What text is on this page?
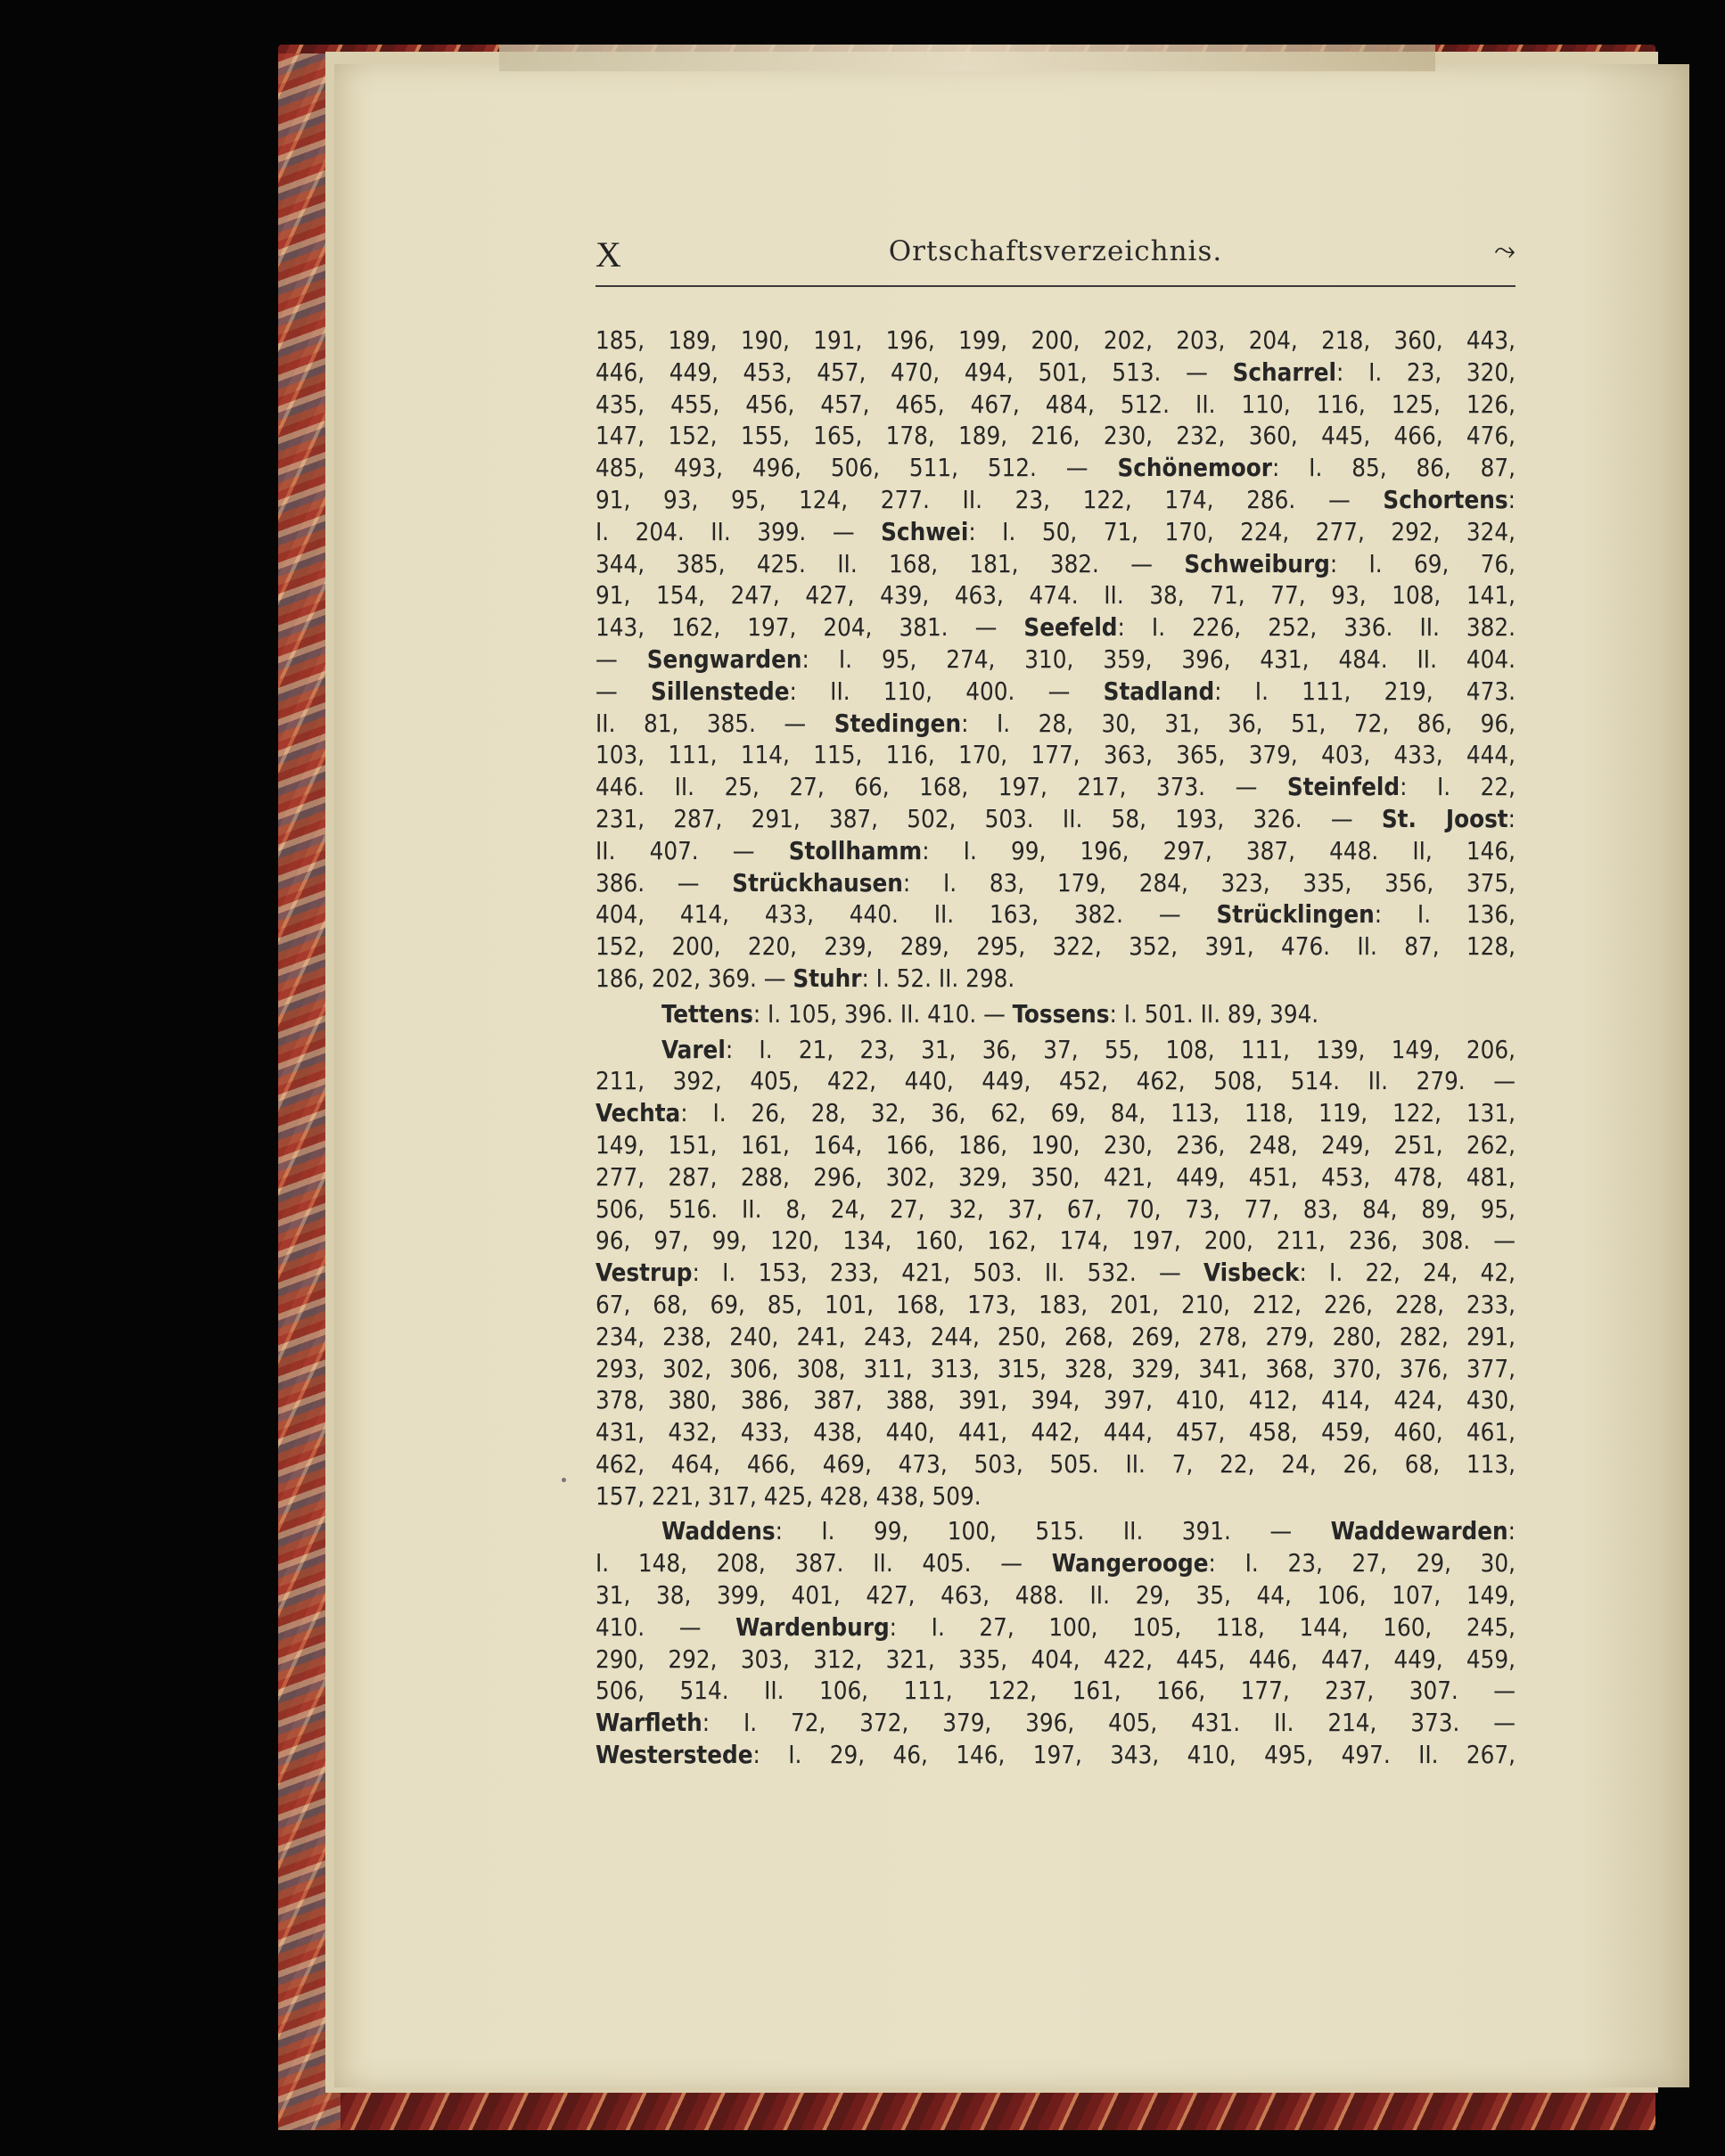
X	Ortschaftsverzeichnis.	⤳
185, 189, 190, 191, 196, 199, 200, 202, 203, 204, 218, 360, 443,
446, 449, 453, 457, 470, 494, 501, 513. — Scharrel: I. 23, 320,
435, 455, 456, 457, 465, 467, 484, 512. II. 110, 116, 125, 126,
147, 152, 155, 165, 178, 189, 216, 230, 232, 360, 445, 466, 476,
485, 493, 496, 506, 511, 512. — Schönemoor: I. 85, 86, 87,
91, 93, 95, 124, 277. II. 23, 122, 174, 286. — Schortens:
I. 204. II. 399. — Schwei: I. 50, 71, 170, 224, 277, 292, 324,
344, 385, 425. II. 168, 181, 382. — Schweiburg: I. 69, 76,
91, 154, 247, 427, 439, 463, 474. II. 38, 71, 77, 93, 108, 141,
143, 162, 197, 204, 381. — Seefeld: I. 226, 252, 336. II. 382.
— Sengwarden: I. 95, 274, 310, 359, 396, 431, 484. II. 404.
— Sillenstede: II. 110, 400. — Stadland: I. 111, 219, 473.
II. 81, 385. — Stedingen: I. 28, 30, 31, 36, 51, 72, 86, 96,
103, 111, 114, 115, 116, 170, 177, 363, 365, 379, 403, 433, 444,
446. II. 25, 27, 66, 168, 197, 217, 373. — Steinfeld: I. 22,
231, 287, 291, 387, 502, 503. II. 58, 193, 326. — St. Joost:
II. 407. — Stollhamm: I. 99, 196, 297, 387, 448. II, 146,
386. — Strückhausen: I. 83, 179, 284, 323, 335, 356, 375,
404, 414, 433, 440. II. 163, 382. — Strücklingen: I. 136,
152, 200, 220, 239, 289, 295, 322, 352, 391, 476. II. 87, 128,
186, 202, 369. — Stuhr: I. 52. II. 298.
Tettens: I. 105, 396. II. 410. — Tossens: I. 501. II. 89, 394.
Varel: I. 21, 23, 31, 36, 37, 55, 108, 111, 139, 149, 206,
211, 392, 405, 422, 440, 449, 452, 462, 508, 514. II. 279. —
Vechta: I. 26, 28, 32, 36, 62, 69, 84, 113, 118, 119, 122, 131,
149, 151, 161, 164, 166, 186, 190, 230, 236, 248, 249, 251, 262,
277, 287, 288, 296, 302, 329, 350, 421, 449, 451, 453, 478, 481,
506, 516. II. 8, 24, 27, 32, 37, 67, 70, 73, 77, 83, 84, 89, 95,
96, 97, 99, 120, 134, 160, 162, 174, 197, 200, 211, 236, 308. —
Vestrup: I. 153, 233, 421, 503. II. 532. — Visbeck: I. 22, 24, 42,
67, 68, 69, 85, 101, 168, 173, 183, 201, 210, 212, 226, 228, 233,
234, 238, 240, 241, 243, 244, 250, 268, 269, 278, 279, 280, 282, 291,
293, 302, 306, 308, 311, 313, 315, 328, 329, 341, 368, 370, 376, 377,
378, 380, 386, 387, 388, 391, 394, 397, 410, 412, 414, 424, 430,
431, 432, 433, 438, 440, 441, 442, 444, 457, 458, 459, 460, 461,
462, 464, 466, 469, 473, 503, 505. II. 7, 22, 24, 26, 68, 113,
157, 221, 317, 425, 428, 438, 509.
Waddens: I. 99, 100, 515. II. 391. — Waddewarden:
I. 148, 208, 387. II. 405. — Wangerooge: I. 23, 27, 29, 30,
31, 38, 399, 401, 427, 463, 488. II. 29, 35, 44, 106, 107, 149,
410. — Wardenburg: I. 27, 100, 105, 118, 144, 160, 245,
290, 292, 303, 312, 321, 335, 404, 422, 445, 446, 447, 449, 459,
506, 514. II. 106, 111, 122, 161, 166, 177, 237, 307. —
Warfleth: I. 72, 372, 379, 396, 405, 431. II. 214, 373. —
Westerstede: I. 29, 46, 146, 197, 343, 410, 495, 497. II. 267,
